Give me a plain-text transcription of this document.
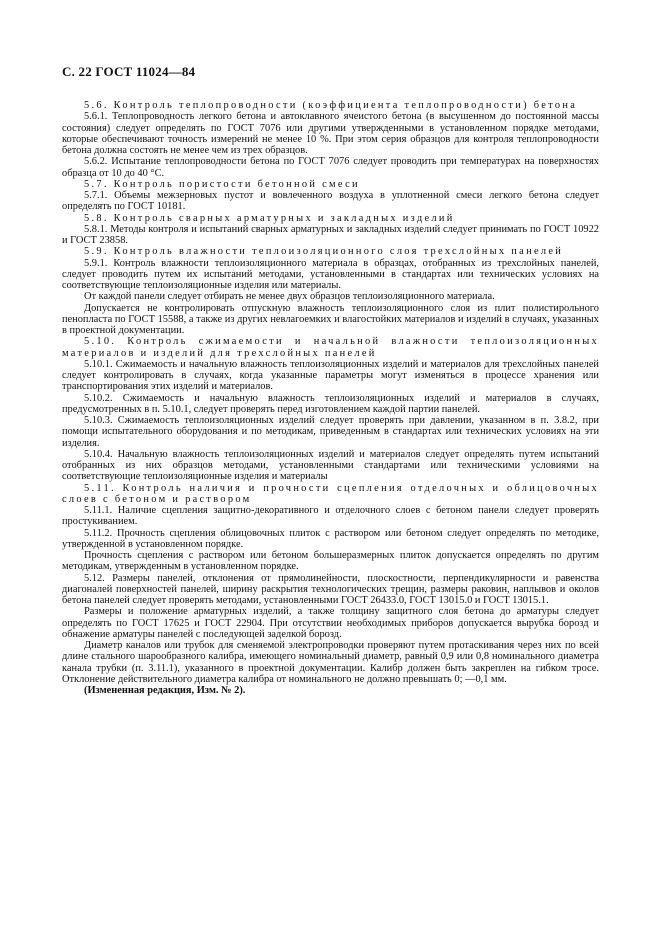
С. 22 ГОСТ 11024—84

5.6. Контроль теплопроводности (коэффициента теплопроводности) бетона

5.6.1. Теплопроводность легкого бетона и автоклавного ячеистого бетона (в высушенном до постоянной массы состояния) следует определять по ГОСТ 7076 или другими утвержденными в установленном порядке методами, которые обеспечивают точность измерений не менее 10 %. При этом серия образцов для контроля теплопроводности бетона должна состоять не менее чем из трех образцов.

5.6.2. Испытание теплопроводности бетона по ГОСТ 7076 следует проводить при температурах на поверхностях образца от 10 до 40 °С.

5.7. Контроль пористости бетонной смеси

5.7.1. Объемы межзерновых пустот и вовлеченного воздуха в уплотненной смеси легкого бетона следует определять по ГОСТ 10181.

5.8. Контроль сварных арматурных и закладных изделий

5.8.1. Методы контроля и испытаний сварных арматурных и закладных изделий следует принимать по ГОСТ 10922 и ГОСТ 23858.

5.9. Контроль влажности теплоизоляционного слоя трехслойных панелей

5.9.1. Контроль влажности теплоизоляционного материала в образцах, отобранных из трехслойных панелей, следует проводить путем их испытаний методами, установленными в стандартах или технических условиях на соответствующие теплоизоляционные изделия или материалы.

От каждой панели следует отбирать не менее двух образцов теплоизоляционного материала.

Допускается не контролировать отпускную влажность теплоизоляционного слоя из плит полистирольного пенопласта по ГОСТ 15588, а также из других невлагоемких и влагостойких материалов и изделий в случаях, указанных в проектной документации.

5.10. Контроль сжимаемости и начальной влажности теплоизоляционных материалов и изделий для трехслойных панелей

5.10.1. Сжимаемость и начальную влажность теплоизоляционных изделий и материалов для трехслойных панелей следует контролировать в случаях, когда указанные параметры могут изменяться в процессе хранения или транспортирования этих изделий и материалов.

5.10.2. Сжимаемость и начальную влажность теплоизоляционных изделий и материалов в случаях, предусмотренных в п. 5.10.1, следует проверять перед изготовлением каждой партии панелей.

5.10.3. Сжимаемость теплоизоляционных изделий следует проверять при давлении, указанном в п. 3.8.2, при помощи испытательного оборудования и по методикам, приведенным в стандартах или технических условиях на эти изделия.

5.10.4. Начальную влажность теплоизоляционных изделий и материалов следует определять путем испытаний отобранных из них образцов методами, установленными стандартами или техническими условиями на соответствующие теплоизоляционные изделия и материалы

5.11. Контроль наличия и прочности сцепления отделочных и облицовочных слоев с бетоном и раствором

5.11.1. Наличие сцепления защитно-декоративного и отделочного слоев с бетоном панели следует проверять простукиванием.

5.11.2. Прочность сцепления облицовочных плиток с раствором или бетоном следует определять по методике, утвержденной в установленном порядке.

Прочность сцепления с раствором или бетоном большеразмерных плиток допускается определять по другим методикам, утвержденным в установленном порядке.

5.12. Размеры панелей, отклонения от прямолинейности, плоскостности, перпендикулярности и равенства диагоналей поверхностей панелей, ширину раскрытия технологических трещин, размеры раковин, наплывов и околов бетона панелей следует проверять методами, установленными ГОСТ 26433.0, ГОСТ 13015.0 и ГОСТ 13015.1.

Размеры и положение арматурных изделий, а также толщину защитного слоя бетона до арматуры следует определять по ГОСТ 17625 и ГОСТ 22904. При отсутствии необходимых приборов допускается вырубка борозд и обнажение арматуры панелей с последующей заделкой борозд.

Диаметр каналов или трубок для сменяемой электропроводки проверяют путем протаскивания через них по всей длине стального шарообразного калибра, имеющего номинальный диаметр, равный 0,9 или 0,8 номинального диаметра канала трубки (п. 3.11.1), указанного в проектной документации. Калибр должен быть закреплен на гибком тросе. Отклонение действительного диаметра калибра от номинального не должно превышать 0; —0,1 мм.

(Измененная редакция, Изм. № 2).
